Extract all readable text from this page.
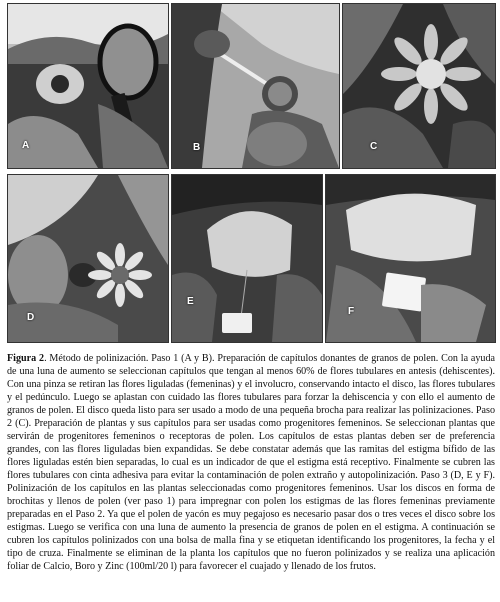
A	B	C
D
E
F
Figura 2. Método de polinización. Paso 1 (A y B). Preparación de capítulos donantes de granos de polen. Con la ayuda de una luna de aumento se seleccionan capítulos que tengan al menos 60% de flores tubulares en antesis (dehiscentes). Con una pinza se retiran las flores liguladas (femeninas) y el involucro, conservando intacto el disco, las flores tubulares y el pedúnculo. Luego se aplastan con cuidado las flores tubulares para forzar la dehiscencia y con ello el aumento de granos de polen. El disco queda listo para ser usado a modo de una pequeña brocha para realizar las polinizaciones. Paso 2 (C). Preparación de plantas y sus capítulos para ser usadas como progenitores femeninos. Se seleccionan plantas que servirán de progenitores femeninos o receptoras de polen. Los capítulos de estas plantas deben ser de preferencia grandes, con las flores liguladas bien expandidas. Se debe constatar además que las ramitas del estigma bífido de las flores liguladas estén bien separadas, lo cual es un indicador de que el estigma está receptivo. Finalmente se cubren las flores tubulares con cinta adhesiva para evitar la contaminación de polen extraño y autopolinización. Paso 3 (D, E y F). Polinización de los capítulos en las plantas seleccionadas como progenitores femeninos. Usar los discos en forma de brochitas y llenos de polen (ver paso 1) para impregnar con polen los estigmas de las flores femeninas previamente preparadas en el Paso 2. Ya que el polen de yacón es muy pegajoso es necesario pasar dos o tres veces el disco sobre los estigmas. Luego se verifica con una luna de aumento la presencia de granos de polen en el estigma. A continuación se cubren los capítulos polinizados con una bolsa de malla fina y se etiquetan identificando los progenitores, la fecha y el tipo de cruza. Finalmente se eliminan de la planta los capítulos que no fueron polinizados y se realiza una aplicación foliar de Calcio, Boro y Zinc (100ml/20 l) para favorecer el cuajado y llenado de los frutos.
